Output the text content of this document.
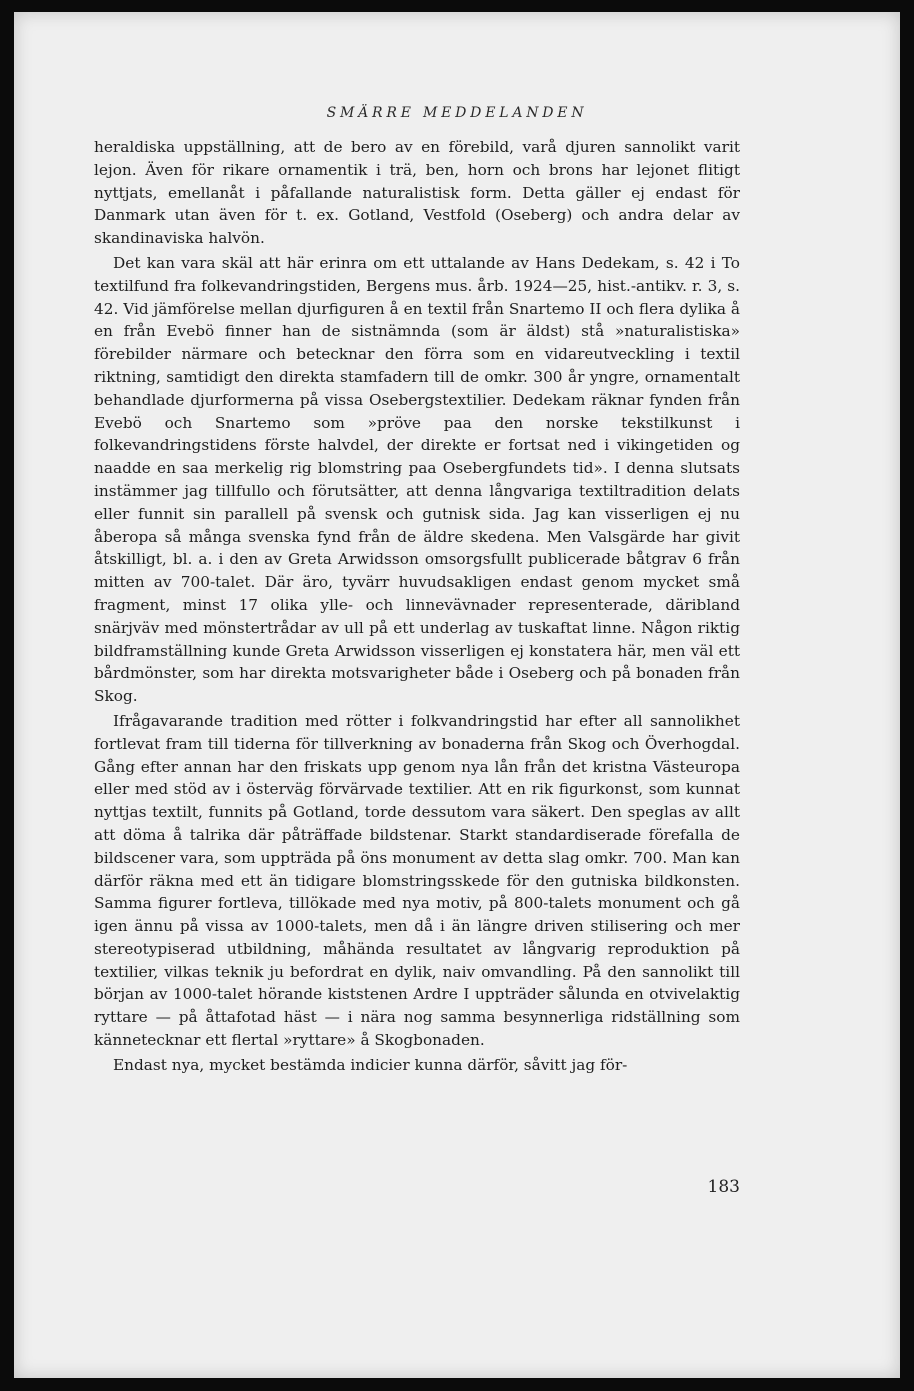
SMÄRRE MEDDELANDEN

heraldiska uppställning, att de bero av en förebild, varå djuren sannolikt varit lejon. Även för rikare ornamentik i trä, ben, horn och brons har lejonet flitigt nyttjats, emellanåt i påfallande naturalistisk form. Detta gäller ej endast för Danmark utan även för t. ex. Gotland, Vestfold (Oseberg) och andra delar av skandinaviska halvön.

Det kan vara skäl att här erinra om ett uttalande av Hans Dedekam, s. 42 i To textilfund fra folkevandringstiden, Bergens mus. årb. 1924—25, hist.-antikv. r. 3, s. 42. Vid jämförelse mellan djurfiguren å en textil från Snartemo II och flera dylika å en från Evebö finner han de sistnämnda (som är äldst) stå »naturalistiska» förebilder närmare och betecknar den förra som en vidareutveckling i textil riktning, samtidigt den direkta stamfadern till de omkr. 300 år yngre, ornamentalt behandlade djurformerna på vissa Osebergstextilier. Dedekam räknar fynden från Evebö och Snartemo som »pröve paa den norske tekstilkunst i folkevandringstidens förste halvdel, der direkte er fortsat ned i vikingetiden og naadde en saa merkelig rig blomstring paa Osebergfundets tid». I denna slutsats instämmer jag tillfullo och förutsätter, att denna långvariga textiltradition delats eller funnit sin parallell på svensk och gutnisk sida. Jag kan visserligen ej nu åberopa så många svenska fynd från de äldre skedena. Men Valsgärde har givit åtskilligt, bl. a. i den av Greta Arwidsson omsorgsfullt publicerade båtgrav 6 från mitten av 700-talet. Där äro, tyvärr huvudsakligen endast genom mycket små fragment, minst 17 olika ylle- och linnevävnader representerade, däribland snärjväv med mönstertrådar av ull på ett underlag av tuskaftat linne. Någon riktig bildframställning kunde Greta Arwidsson visserligen ej konstatera här, men väl ett bårdmönster, som har direkta motsvarigheter både i Oseberg och på bonaden från Skog.

Ifrågavarande tradition med rötter i folkvandringstid har efter all sannolikhet fortlevat fram till tiderna för tillverkning av bonaderna från Skog och Överhogdal. Gång efter annan har den friskats upp genom nya lån från det kristna Västeuropa eller med stöd av i österväg förvärvade textilier. Att en rik figurkonst, som kunnat nyttjas textilt, funnits på Gotland, torde dessutom vara säkert. Den speglas av allt att döma å talrika där påträffade bildstenar. Starkt standardiserade förefalla de bildscener vara, som uppträda på öns monument av detta slag omkr. 700. Man kan därför räkna med ett än tidigare blomstringsskede för den gutniska bildkonsten. Samma figurer fortleva, tillökade med nya motiv, på 800-talets monument och gå igen ännu på vissa av 1000-talets, men då i än längre driven stilisering och mer stereotypiserad utbildning, måhända resultatet av långvarig reproduktion på textilier, vilkas teknik ju befordrat en dylik, naiv omvandling. På den sannolikt till början av 1000-talet hörande kiststenen Ardre I uppträder sålunda en otvivelaktig ryttare — på åttafotad häst — i nära nog samma besynnerliga ridställning som kännetecknar ett flertal »ryttare» å Skogbonaden.

Endast nya, mycket bestämda indicier kunna därför, såvitt jag för-

183
